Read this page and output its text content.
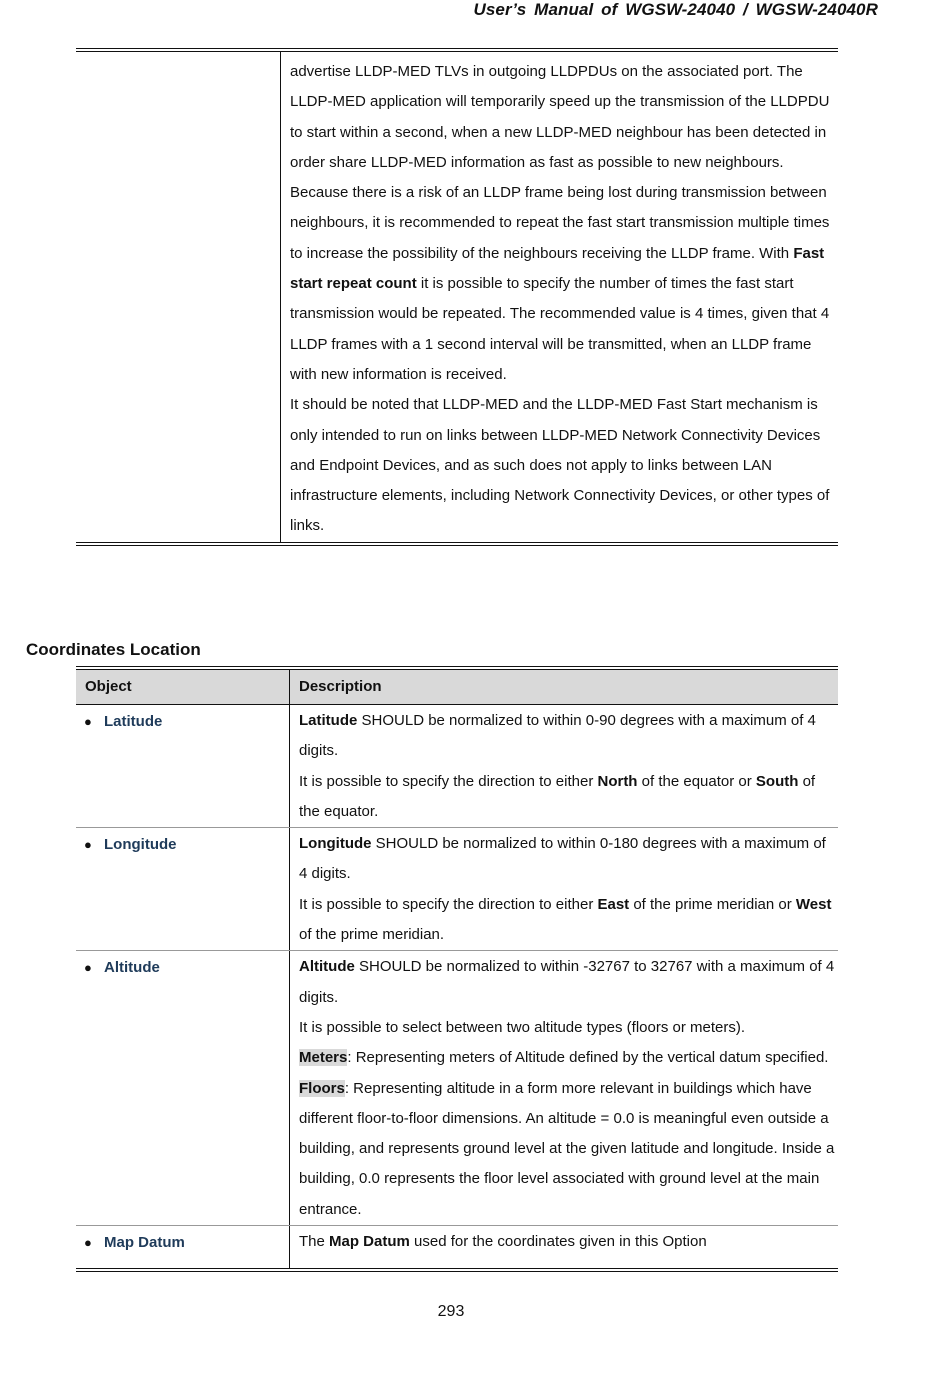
User’s Manual of WGSW-24040 / WGSW-24040R

advertise LLDP-MED TLVs in outgoing LLDPDUs on the associated port. The LLDP-MED application will temporarily speed up the transmission of the LLDPDU to start within a second, when a new LLDP-MED neighbour has been detected in order share LLDP-MED information as fast as possible to new neighbours.

Because there is a risk of an LLDP frame being lost during transmission between neighbours, it is recommended to repeat the fast start transmission multiple times to increase the possibility of the neighbours receiving the LLDP frame. With Fast start repeat count it is possible to specify the number of times the fast start transmission would be repeated. The recommended value is 4 times, given that 4 LLDP frames with a 1 second interval will be transmitted, when an LLDP frame with new information is received.

It should be noted that LLDP-MED and the LLDP-MED Fast Start mechanism is only intended to run on links between LLDP-MED Network Connectivity Devices and Endpoint Devices, and as such does not apply to links between LAN infrastructure elements, including Network Connectivity Devices, or other types of links.

Coordinates Location
Object	Description
● Latitude	Latitude SHOULD be normalized to within 0-90 degrees with a maximum of 4 digits.

It is possible to specify the direction to either North of the equator or South of the equator.

● Longitude	Longitude SHOULD be normalized to within 0-180 degrees with a maximum of 4 digits.

It is possible to specify the direction to either East of the prime meridian or West of the prime meridian.

● Altitude	Altitude SHOULD be normalized to within -32767 to 32767 with a maximum of 4 digits.

It is possible to select between two altitude types (floors or meters).

Meters: Representing meters of Altitude defined by the vertical datum specified.

Floors: Representing altitude in a form more relevant in buildings which have different floor-to-floor dimensions. An altitude = 0.0 is meaningful even outside a building, and represents ground level at the given latitude and longitude. Inside a building, 0.0 represents the floor level associated with ground level at the main entrance.

● Map Datum	The Map Datum used for the coordinates given in this Option

293
